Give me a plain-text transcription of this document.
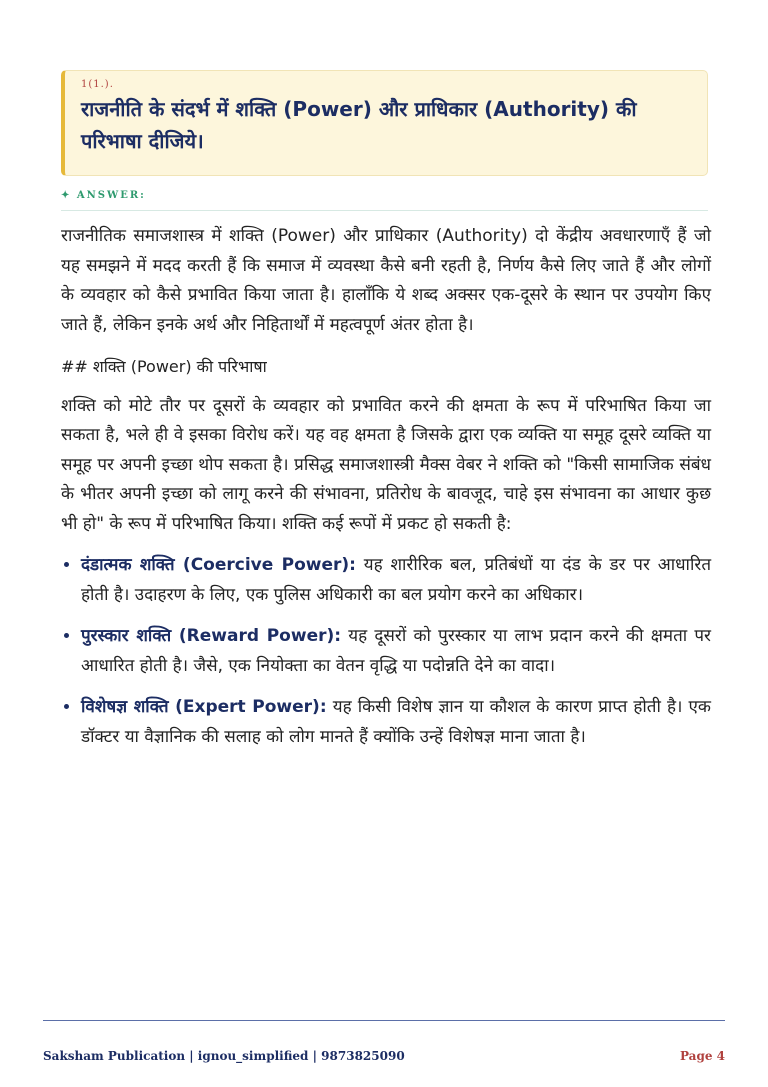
1(1.).
राजनीति के संदर्भ में शक्ति (Power) और प्राधिकार (Authority) की परिभाषा दीजिये।
✦ ANSWER:

राजनीतिक समाजशास्त्र में शक्ति (Power) और प्राधिकार (Authority) दो केंद्रीय अवधारणाएँ हैं जो यह समझने में मदद करती हैं कि समाज में व्यवस्था कैसे बनी रहती है, निर्णय कैसे लिए जाते हैं और लोगों के व्यवहार को कैसे प्रभावित किया जाता है। हालाँकि ये शब्द अक्सर एक-दूसरे के स्थान पर उपयोग किए जाते हैं, लेकिन इनके अर्थ और निहितार्थों में महत्वपूर्ण अंतर होता है।

## शक्ति (Power) की परिभाषा

शक्ति को मोटे तौर पर दूसरों के व्यवहार को प्रभावित करने की क्षमता के रूप में परिभाषित किया जा सकता है, भले ही वे इसका विरोध करें। यह वह क्षमता है जिसके द्वारा एक व्यक्ति या समूह दूसरे व्यक्ति या समूह पर अपनी इच्छा थोप सकता है। प्रसिद्ध समाजशास्त्री मैक्स वेबर ने शक्ति को "किसी सामाजिक संबंध के भीतर अपनी इच्छा को लागू करने की संभावना, प्रतिरोध के बावजूद, चाहे इस संभावना का आधार कुछ भी हो" के रूप में परिभाषित किया। शक्ति कई रूपों में प्रकट हो सकती है:

• दंडात्मक शक्ति (Coercive Power): यह शारीरिक बल, प्रतिबंधों या दंड के डर पर आधारित होती है। उदाहरण के लिए, एक पुलिस अधिकारी का बल प्रयोग करने का अधिकार।
• पुरस्कार शक्ति (Reward Power): यह दूसरों को पुरस्कार या लाभ प्रदान करने की क्षमता पर आधारित होती है। जैसे, एक नियोक्ता का वेतन वृद्धि या पदोन्नति देने का वादा।
• विशेषज्ञ शक्ति (Expert Power): यह किसी विशेष ज्ञान या कौशल के कारण प्राप्त होती है। एक डॉक्टर या वैज्ञानिक की सलाह को लोग मानते हैं क्योंकि उन्हें विशेषज्ञ माना जाता है।
Saksham Publication | ignou_simplified | 9873825090	Page 4
